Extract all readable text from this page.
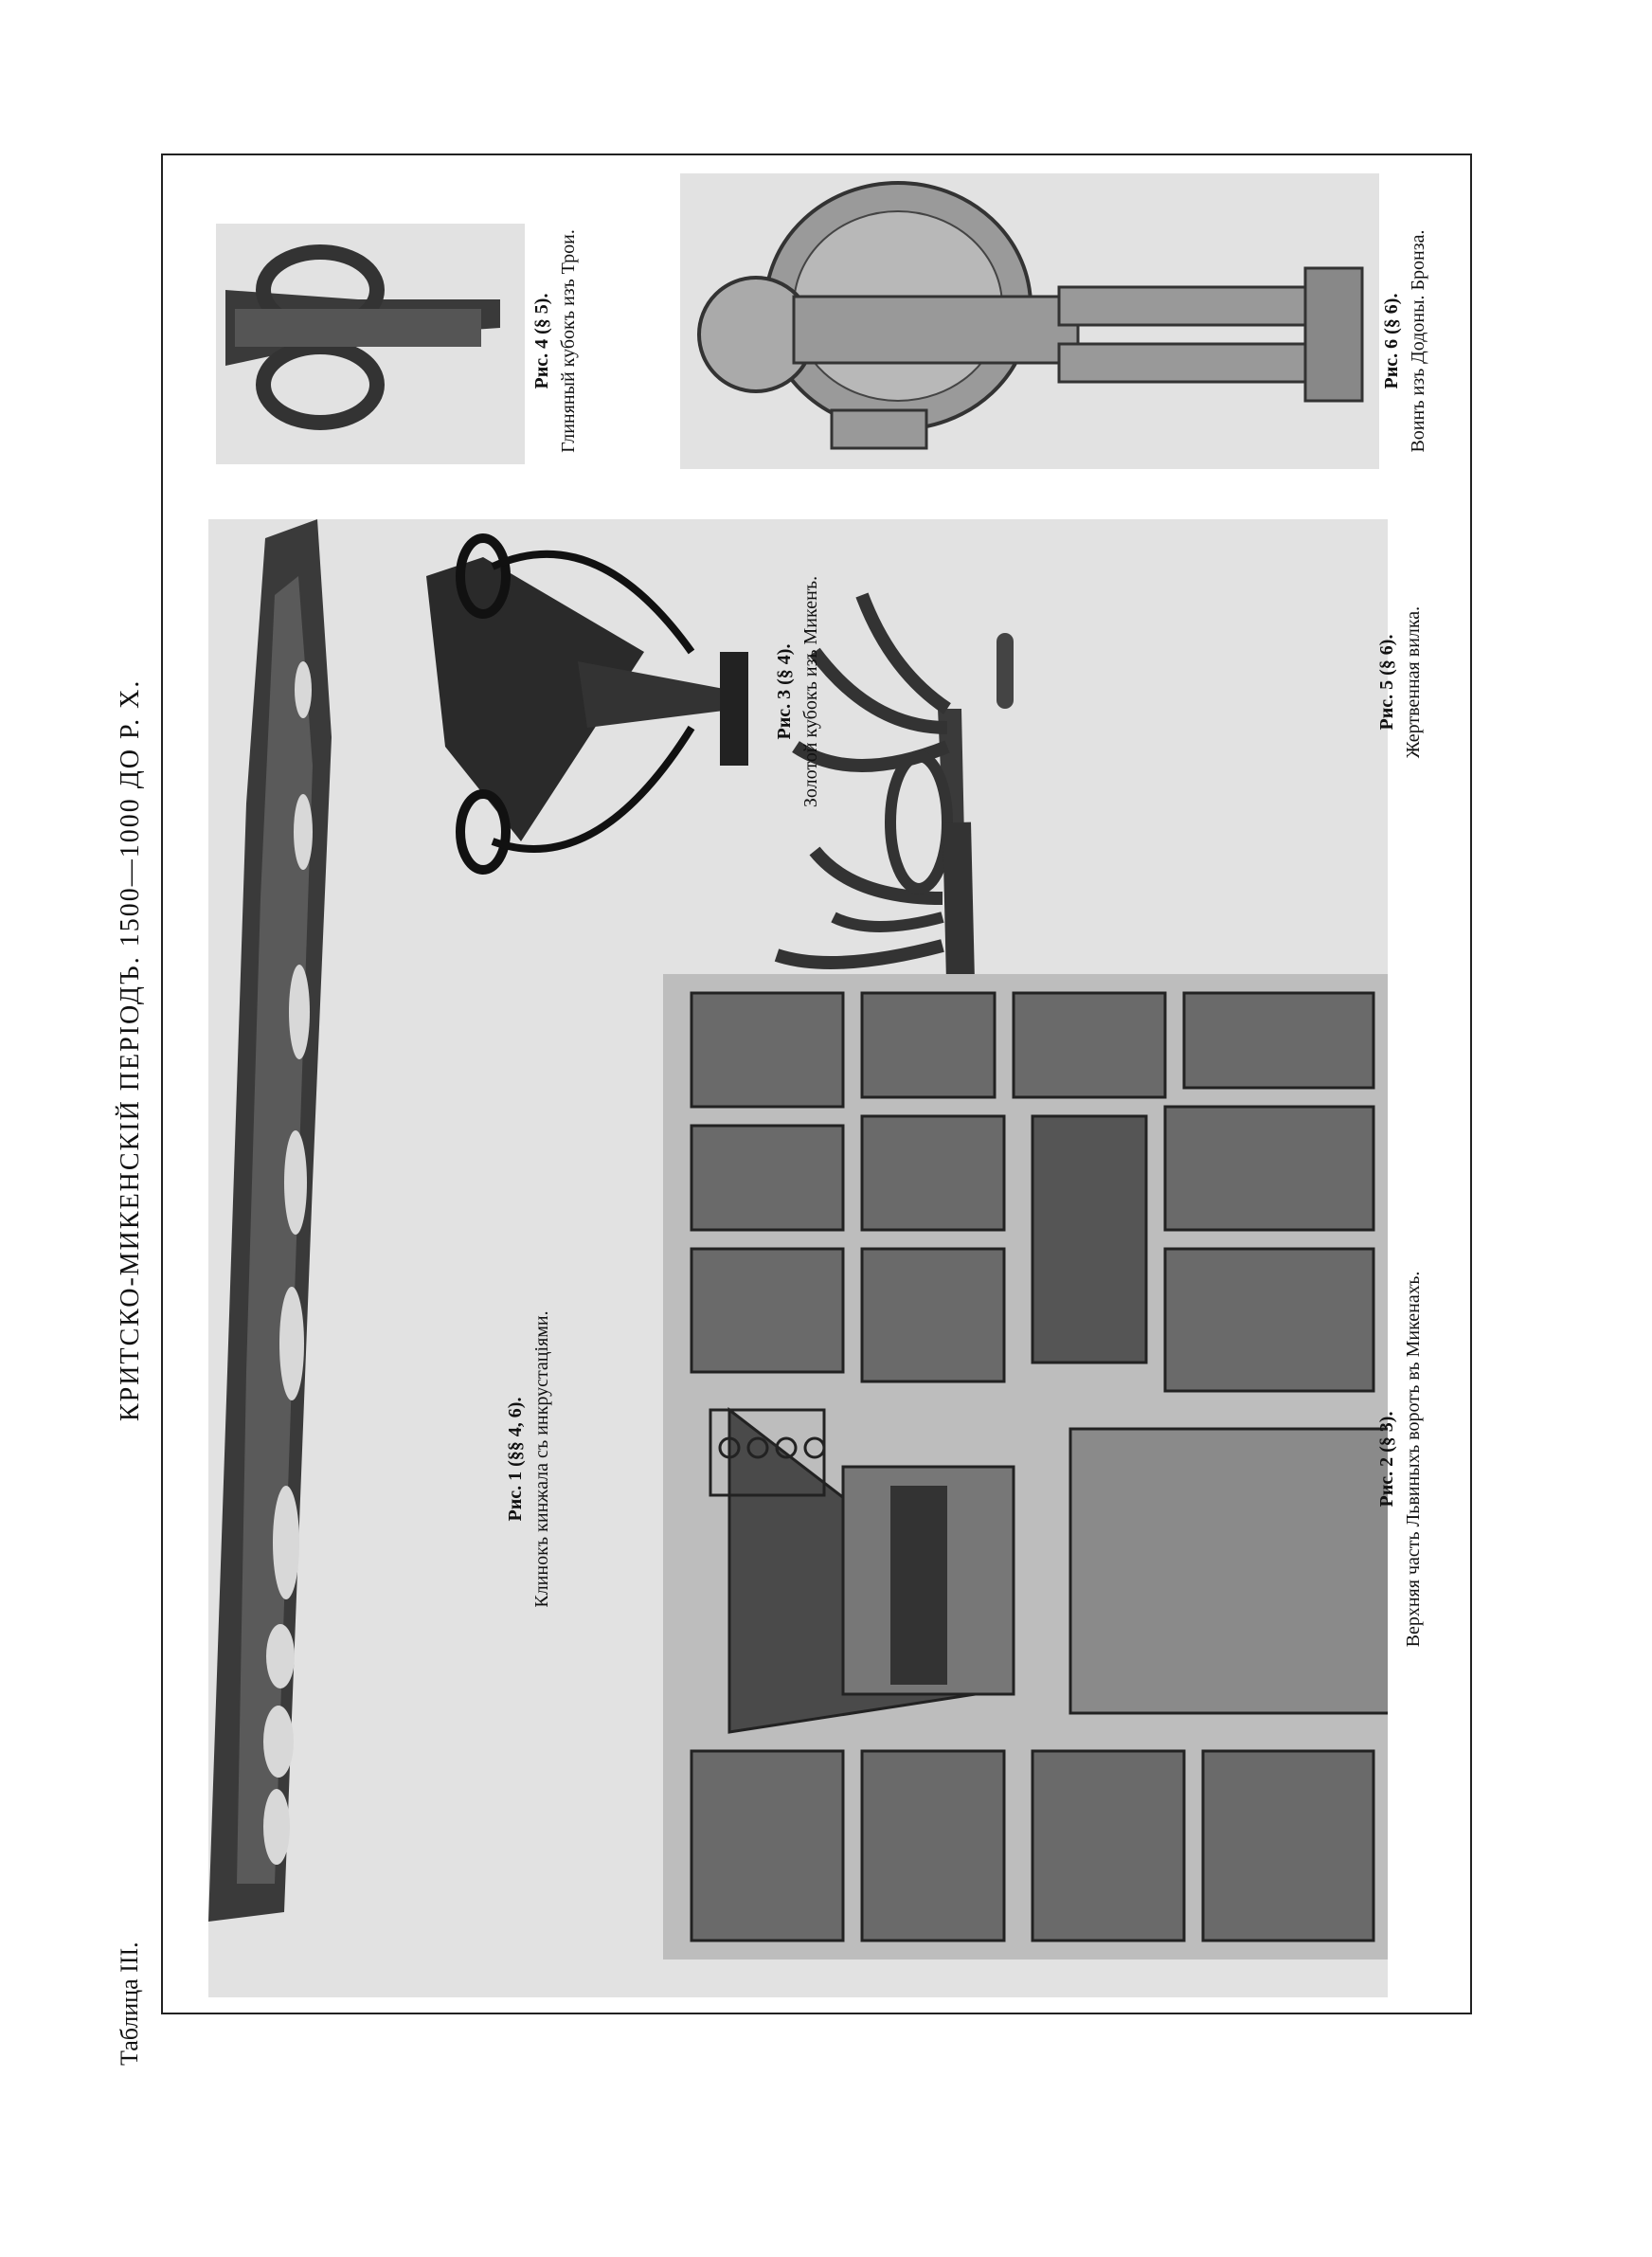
Таблица III.
КРИТСКО-МИКЕНСКІЙ ПЕРІОДЪ. 1500—1000 ДО Р. Х.
Рис. 1 (§§ 4, 6). Клинокъ кинжала съ инкрустаціями.	Рис. 2 (§ 3). Верхняя часть Львиныхъ воротъ въ Микенахъ.
Рис. 3 (§ 4). Золотой кубокъ изъ Микенъ.
Рис. 4 (§ 5). Глиняный кубокъ изъ Трои.
Рис. 5 (§ 6). Жертвенная вилка.
Рис. 6 (§ 6). Воинъ изъ Додоны. Бронза.
